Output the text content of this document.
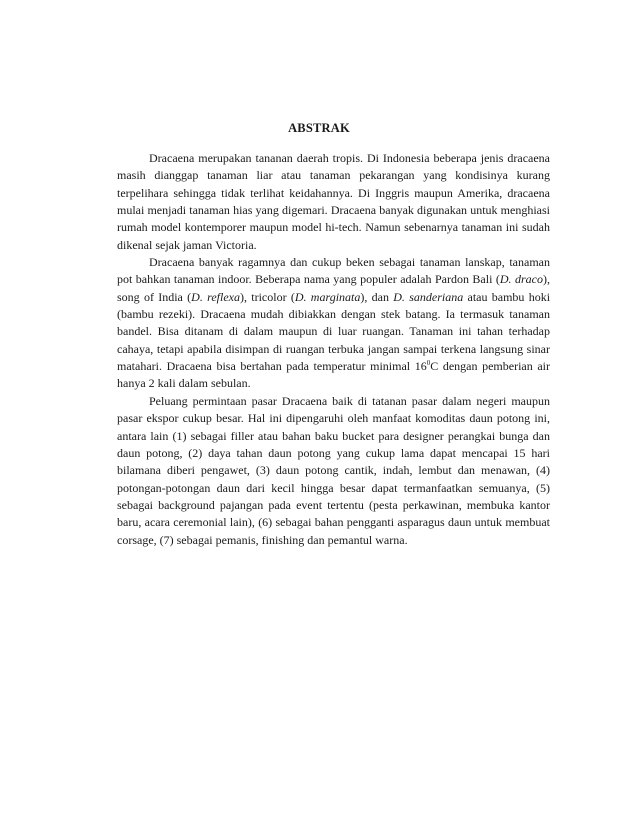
ABSTRAK

Dracaena merupakan tananan daerah tropis. Di Indonesia beberapa jenis dracaena masih dianggap tanaman liar atau tanaman pekarangan yang kondisinya kurang terpelihara sehingga tidak terlihat keidahannya. Di Inggris maupun Amerika, dracaena mulai menjadi tanaman hias yang digemari. Dracaena banyak digunakan untuk menghiasi rumah model kontemporer maupun model hi-tech. Namun sebenarnya tanaman ini sudah dikenal sejak jaman Victoria.

Dracaena banyak ragamnya dan cukup beken sebagai tanaman lanskap, tanaman pot bahkan tanaman indoor. Beberapa nama yang populer adalah Pardon Bali (D. draco), song of India (D. reflexa), tricolor (D. marginata), dan D. sanderiana atau bambu hoki (bambu rezeki). Dracaena mudah dibiakkan dengan stek batang. Ia termasuk tanaman bandel. Bisa ditanam di dalam maupun di luar ruangan. Tanaman ini tahan terhadap cahaya, tetapi apabila disimpan di ruangan terbuka jangan sampai terkena langsung sinar matahari. Dracaena bisa bertahan pada temperatur minimal $16^0C$ dengan pemberian air hanya 2 kali dalam sebulan.

Peluang permintaan pasar Dracaena baik di tatanan pasar dalam negeri maupun pasar ekspor cukup besar. Hal ini dipengaruhi oleh manfaat komoditas daun potong ini, antara lain (1) sebagai filler atau bahan baku bucket para designer perangkai bunga dan daun potong, (2) daya tahan daun potong yang cukup lama dapat mencapai 15 hari bilamana diberi pengawet, (3) daun potong cantik, indah, lembut dan menawan, (4) potongan-potongan daun dari kecil hingga besar dapat termanfaatkan semuanya, (5) sebagai background pajangan pada event tertentu (pesta perkawinan, membuka kantor baru, acara ceremonial lain), (6) sebagai bahan pengganti asparagus daun untuk membuat corsage, (7) sebagai pemanis, finishing dan pemantul warna.
